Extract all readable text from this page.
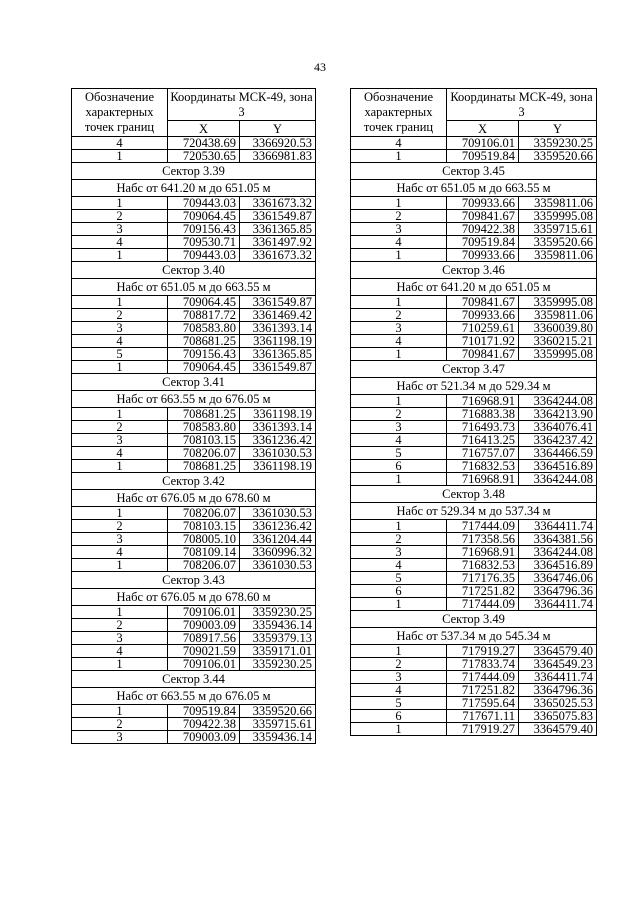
43
Обозначение характерных точек границ	Координаты МСК-49, зона 3	
	X	Y
4	720438.69	3366920.53
1	720530.65	3366981.83
Сектор 3.39		
Набс от 641.20 м до 651.05 м		
1	709443.03	3361673.32
2	709064.45	3361549.87
3	709156.43	3361365.85
4	709530.71	3361497.92
1	709443.03	3361673.32
Сектор 3.40		
Набс от 651.05 м до 663.55 м		
1	709064.45	3361549.87
2	708817.72	3361469.42
3	708583.80	3361393.14
4	708681.25	3361198.19
5	709156.43	3361365.85
1	709064.45	3361549.87
Сектор 3.41		
Набс от 663.55 м до 676.05 м		
1	708681.25	3361198.19
2	708583.80	3361393.14
3	708103.15	3361236.42
4	708206.07	3361030.53
1	708681.25	3361198.19
Сектор 3.42		
Набс от 676.05 м до 678.60 м		
1	708206.07	3361030.53
2	708103.15	3361236.42
3	708005.10	3361204.44
4	708109.14	3360996.32
1	708206.07	3361030.53
Сектор 3.43		
Набс от 676.05 м до 678.60 м		
1	709106.01	3359230.25
2	709003.09	3359436.14
3	708917.56	3359379.13
4	709021.59	3359171.01
1	709106.01	3359230.25
Сектор 3.44		
Набс от 663.55 м до 676.05 м		
1	709519.84	3359520.66
2	709422.38	3359715.61
3	709003.09	3359436.14
Обозначение характерных точек границ	Координаты МСК-49, зона 3	
	X	Y
4	709106.01	3359230.25
1	709519.84	3359520.66
Сектор 3.45		
Набс от 651.05 м до 663.55 м		
1	709933.66	3359811.06
2	709841.67	3359995.08
3	709422.38	3359715.61
4	709519.84	3359520.66
1	709933.66	3359811.06
Сектор 3.46		
Набс от 641.20 м до 651.05 м		
1	709841.67	3359995.08
2	709933.66	3359811.06
3	710259.61	3360039.80
4	710171.92	3360215.21
1	709841.67	3359995.08
Сектор 3.47		
Набс от 521.34 м до 529.34 м		
1	716968.91	3364244.08
2	716883.38	3364213.90
3	716493.73	3364076.41
4	716413.25	3364237.42
5	716757.07	3364466.59
6	716832.53	3364516.89
1	716968.91	3364244.08
Сектор 3.48		
Набс от 529.34 м до 537.34 м		
1	717444.09	3364411.74
2	717358.56	3364381.56
3	716968.91	3364244.08
4	716832.53	3364516.89
5	717176.35	3364746.06
6	717251.82	3364796.36
1	717444.09	3364411.74
Сектор 3.49		
Набс от 537.34 м до 545.34 м		
1	717919.27	3364579.40
2	717833.74	3364549.23
3	717444.09	3364411.74
4	717251.82	3364796.36
5	717595.64	3365025.53
6	717671.11	3365075.83
1	717919.27	3364579.40
